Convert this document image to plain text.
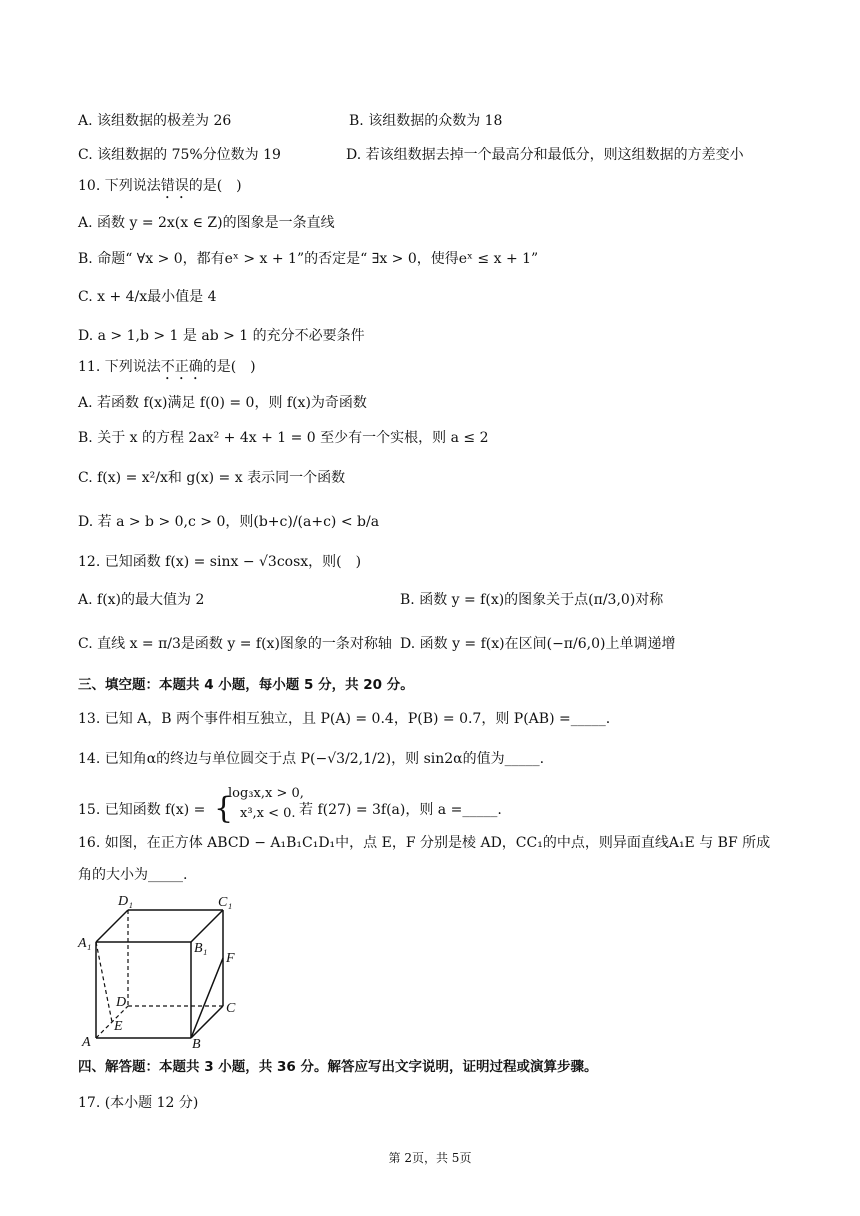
A. 该组数据的极差为 26	B. 该组数据的众数为 18
C. 该组数据的 75%分位数为 19	D. 若该组数据去掉一个最高分和最低分，则这组数据的方差变小
10. 下列说法错误的是(　)
A. 函数 y = 2x(x ∈ Z)的图象是一条直线
B. 命题“ ∀x > 0，都有eˣ > x + 1”的否定是“ ∃x > 0，使得eˣ ≤ x + 1”
C. x + 4/x最小值是 4
D. a > 1,b > 1 是 ab > 1 的充分不必要条件
11. 下列说法不正确的是(　)
A. 若函数 f(x)满足 f(0) = 0，则 f(x)为奇函数
B. 关于 x 的方程 2ax² + 4x + 1 = 0 至少有一个实根，则 a ≤ 2
C. f(x) = x²/x和 g(x) = x 表示同一个函数
D. 若 a > b > 0,c > 0，则(b+c)/(a+c) < b/a
12. 已知函数 f(x) = sinx − √3cosx，则(　)
A. f(x)的最大值为 2	B. 函数 y = f(x)的图象关于点(π/3,0)对称
C. 直线 x = π/3是函数 y = f(x)图象的一条对称轴 D. 函数 y = f(x)在区间(−π/6,0)上单调递增
三、填空题：本题共 4 小题，每小题 5 分，共 20 分。
13. 已知 A，B 两个事件相互独立，且 P(A) = 0.4，P(B) = 0.7，则 P(AB) =_____.
14. 已知角α的终边与单位圆交于点 P(−√3/2,1/2)，则 sin2α的值为_____.
15. 已知函数 f(x) = {
log₃x,x > 0,
x³,x < 0. 若 f(27) = 3f(a)，则 a =_____.
16. 如图，在正方体 ABCD − A₁B₁C₁D₁中，点 E，F 分别是棱 AD，CC₁的中点，则异面直线A₁E 与 BF 所成
角的大小为_____.
D₁	C₁
A₁	B₁
F
D	C
E
A	B
四、解答题：本题共 3 小题，共 36 分。解答应写出文字说明，证明过程或演算步骤。
17. (本小题 12 分)
第 2页，共 5页
